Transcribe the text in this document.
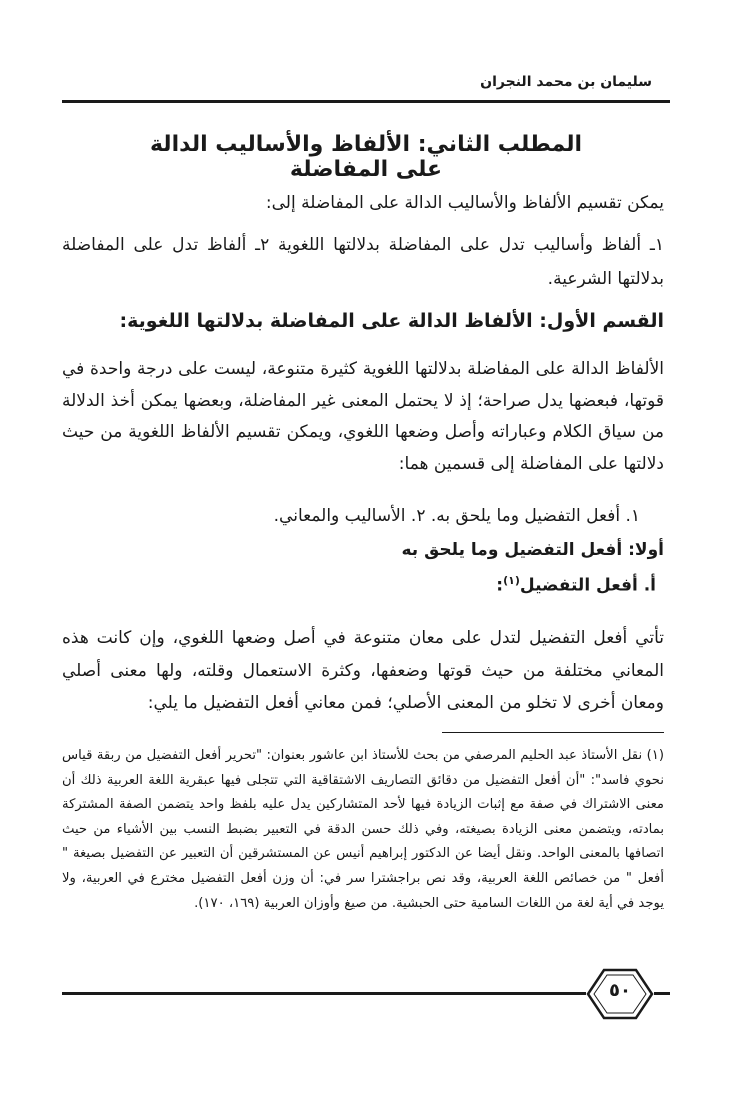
سليمان بن محمد النجران
المطلب الثاني: الألفاظ والأساليب الدالة على المفاضلة
يمكن تقسيم الألفاظ والأساليب الدالة على المفاضلة إلى:
١ـ ألفاظ وأساليب تدل على المفاضلة بدلالتها اللغوية ٢ـ ألفاظ تدل على المفاضلة بدلالتها الشرعية.
القسم الأول: الألفاظ الدالة على المفاضلة بدلالتها اللغوية:
الألفاظ الدالة على المفاضلة بدلالتها اللغوية كثيرة متنوعة، ليست على درجة واحدة في قوتها، فبعضها يدل صراحة؛ إذ لا يحتمل المعنى غير المفاضلة، وبعضها يمكن أخذ الدلالة من سياق الكلام وعباراته وأصل وضعها اللغوي، ويمكن تقسيم الألفاظ اللغوية من حيث دلالتها على المفاضلة إلى قسمين هما:
١. أفعل التفضيل وما يلحق به. ٢. الأساليب والمعاني.
أولا: أفعل التفضيل وما يلحق به
أ. أفعل التفضيل$^{(١)}$:
تأتي أفعل التفضيل لتدل على معان متنوعة في أصل وضعها اللغوي، وإن كانت هذه المعاني مختلفة من حيث قوتها وضعفها، وكثرة الاستعمال وقلته، ولها معنى أصلي ومعان أخرى لا تخلو من المعنى الأصلي؛ فمن معاني أفعل التفضيل ما يلي:
(١) نقل الأستاذ عبد الحليم المرصفي من بحث للأستاذ ابن عاشور بعنوان: "تحرير أفعل التفضيل من ربقة قياس نحوي فاسد": "أن أفعل التفضيل من دقائق التصاريف الاشتقاقية التي تتجلى فيها عبقرية اللغة العربية ذلك أن معنى الاشتراك في صفة مع إثبات الزيادة فيها لأحد المتشاركين يدل عليه بلفظ واحد يتضمن الصفة المشتركة بمادته، ويتضمن معنى الزيادة بصيغته، وفي ذلك حسن الدقة في التعبير بضبط النسب بين الأشياء من حيث اتصافها بالمعنى الواحد. ونقل أيضا عن الدكتور إبراهيم أنيس عن المستشرقين أن التعبير عن التفضيل بصيغة " أفعل " من خصائص اللغة العربية، وقد نص براجشترا سر في: أن وزن أفعل التفضيل مخترع في العربية، ولا يوجد في أية لغة من اللغات السامية حتى الحبشية. من صيغ وأوزان العربية (١٦٩، ١٧٠).
٥٠
